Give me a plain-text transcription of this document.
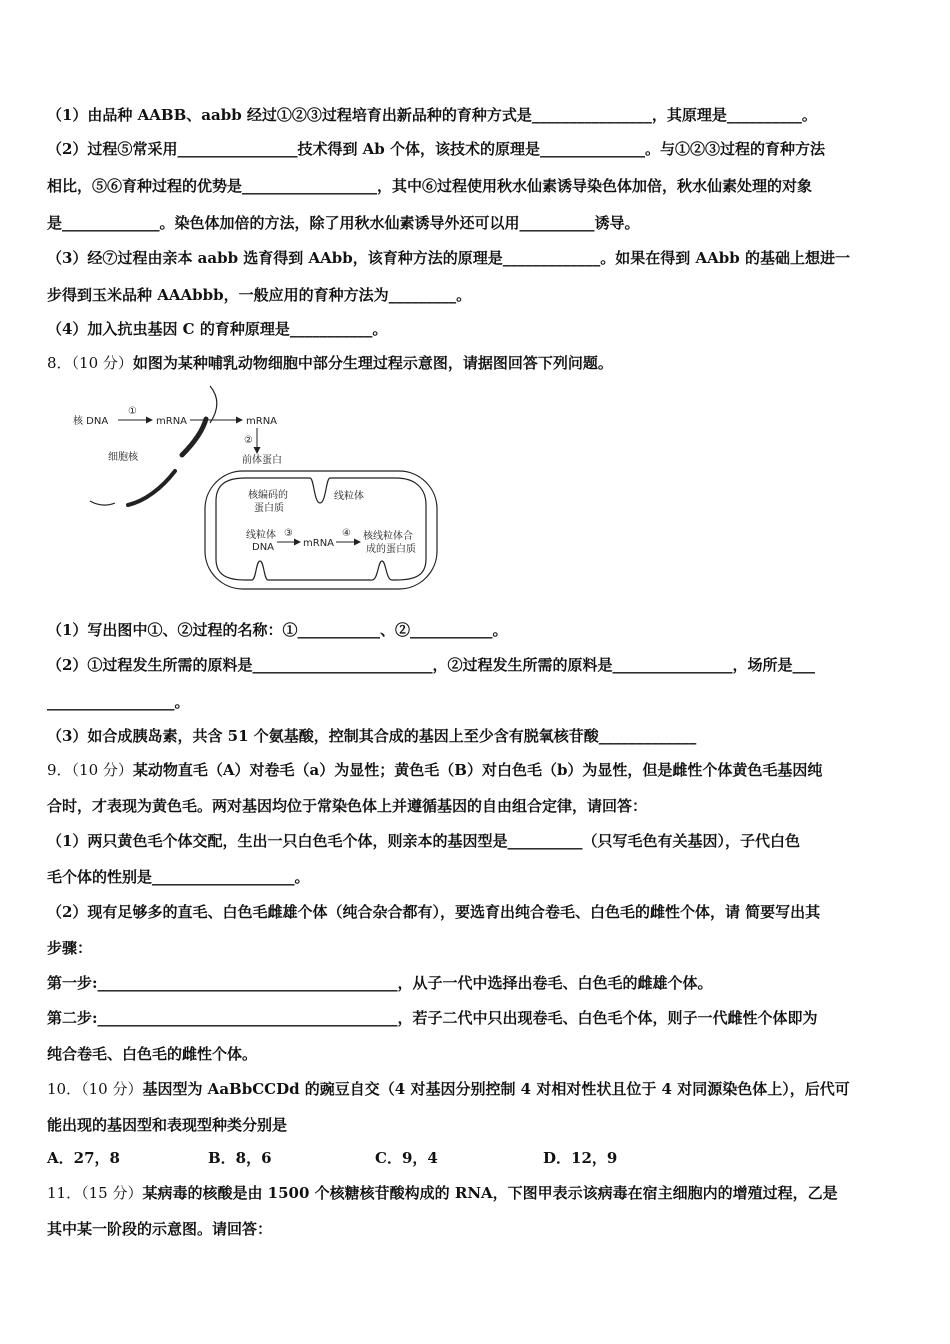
（1）由品种 AABB、aabb 经过①②③过程培育出新品种的育种方式是________________，其原理是__________。
（2）过程⑤常采用________________技术得到 Ab 个体，该技术的原理是______________。与①②③过程的育种方法
相比，⑤⑥育种过程的优势是__________________，其中⑥过程使用秋水仙素诱导染色体加倍，秋水仙素处理的对象
是_____________。染色体加倍的方法，除了用秋水仙素诱导外还可以用__________诱导。
（3）经⑦过程由亲本 aabb 选育得到 AAbb，该育种方法的原理是_____________。如果在得到 AAbb 的基础上想进一
步得到玉米品种 AAAbbb，一般应用的育种方法为_________。
（4）加入抗虫基因 C 的育种原理是___________。
8．（10 分）如图为某种哺乳动物细胞中部分生理过程示意图，请据图回答下列问题。
核 DNA
①
mRNA	mRNA
②
前体蛋白
细胞核
核编码的
蛋白质
线粒体
线粒体
DNA
③
mRNA
④ 核线粒体合
成的蛋白质
（1）写出图中①、②过程的名称：①___________、②___________。
（2）①过程发生所需的原料是________________________，②过程发生所需的原料是________________，场所是___
_________________。
（3）如合成胰岛素，共含 51 个氨基酸，控制其合成的基因上至少含有脱氧核苷酸_____________
9．（10 分）某动物直毛（A）对卷毛（a）为显性；黄色毛（B）对白色毛（b）为显性，但是雌性个体黄色毛基因纯
合时，才表现为黄色毛。两对基因均位于常染色体上并遵循基因的自由组合定律，请回答：
（1）两只黄色毛个体交配，生出一只白色毛个体，则亲本的基因型是__________（只写毛色有关基因），子代白色
毛个体的性别是___________________。
（2）现有足够多的直毛、白色毛雌雄个体（纯合杂合都有），要选育出纯合卷毛、白色毛的雌性个体，请 简要写出其
步骤：
第一步:________________________________________，从子一代中选择出卷毛、白色毛的雌雄个体。
第二步:________________________________________，若子二代中只出现卷毛、白色毛个体，则子一代雌性个体即为
纯合卷毛、白色毛的雌性个体。
10．（10 分）基因型为 AaBbCCDd 的豌豆自交（4 对基因分别控制 4 对相对性状且位于 4 对同源染色体上），后代可
能出现的基因型和表现型种类分别是
A．27，8	B．8，6	C．9，4	D．12，9
11．（15 分）某病毒的核酸是由 1500 个核糖核苷酸构成的 RNA，下图甲表示该病毒在宿主细胞内的增殖过程，乙是
其中某一阶段的示意图。请回答：
